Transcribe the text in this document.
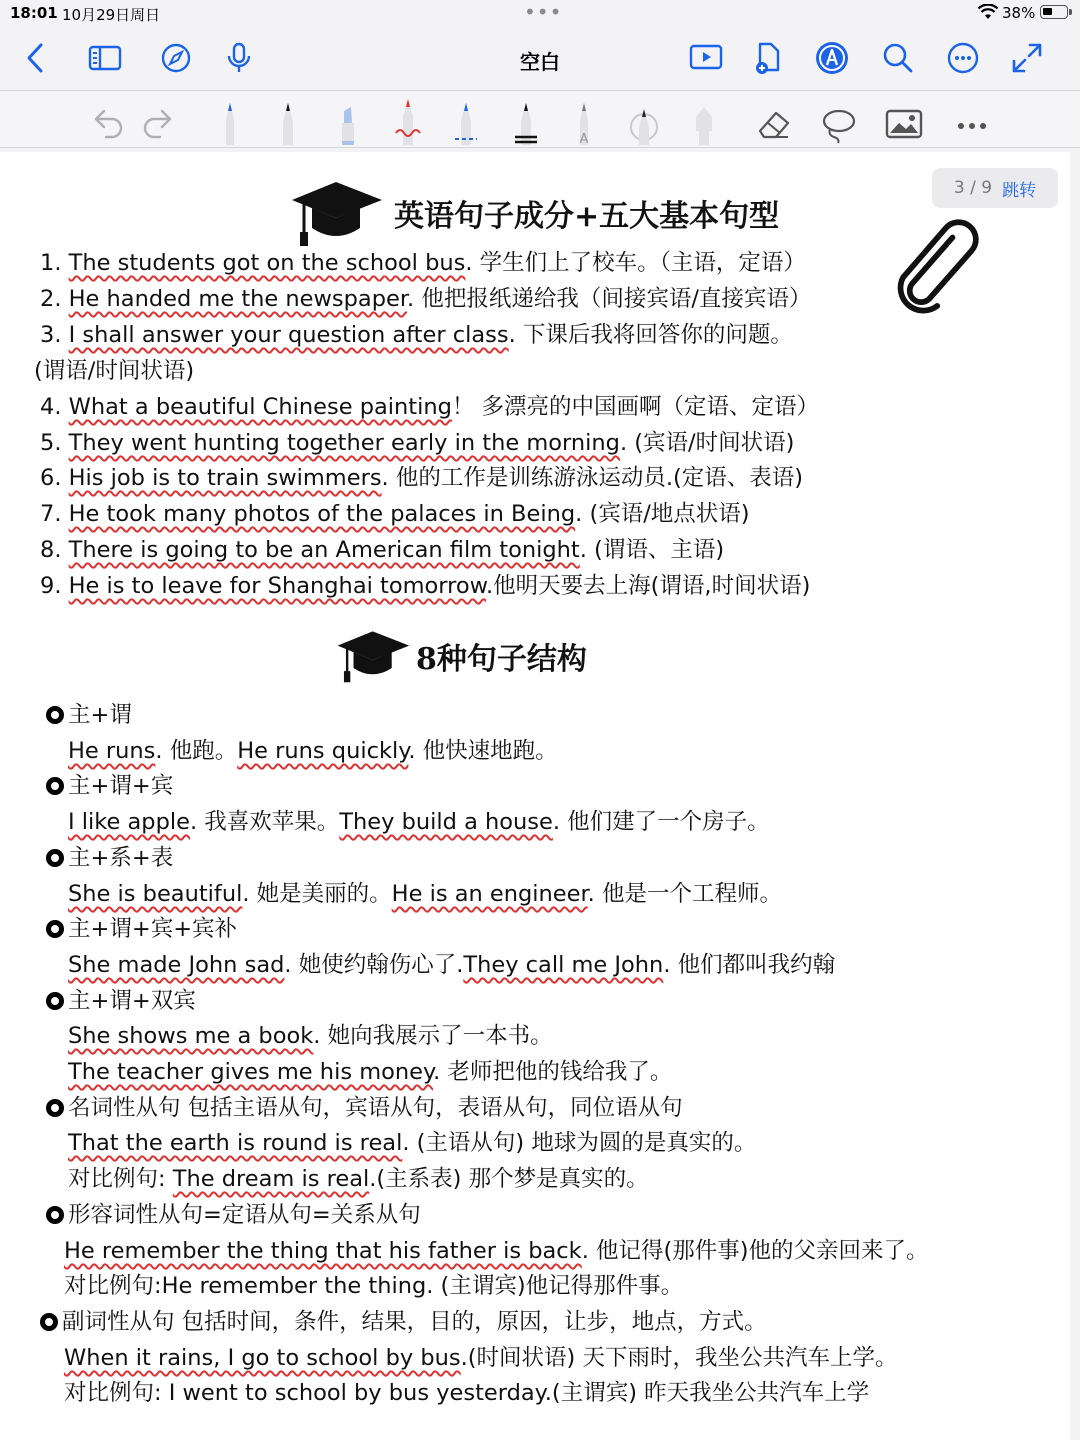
18:01 10月29日周日	•••	38%
空白
A
3 / 9 跳转
英语句子成分+五大基本句型
1. The students got on the school bus. 学生们上了校车。（主语，定语）
2. He handed me the newspaper. 他把报纸递给我（间接宾语/直接宾语）
3. I shall answer your question after class. 下课后我将回答你的问题。
(谓语/时间状语)
4. What a beautiful Chinese painting！ 多漂亮的中国画啊（定语、定语）
5. They went hunting together early in the morning. (宾语/时间状语)
6. His job is to train swimmers. 他的工作是训练游泳运动员.(定语、表语)
7. He took many photos of the palaces in Being. (宾语/地点状语)
8. There is going to be an American film tonight. (谓语、主语)
9. He is to leave for Shanghai tomorrow.他明天要去上海(谓语,时间状语)
8种句子结构
主+谓
He runs. 他跑。He runs quickly. 他快速地跑。
主+谓+宾
I like apple. 我喜欢苹果。They build a house. 他们建了一个房子。
主+系+表
She is beautiful. 她是美丽的。He is an engineer. 他是一个工程师。
主+谓+宾+宾补
She made John sad. 她使约翰伤心了.They call me John. 他们都叫我约翰
主+谓+双宾
She shows me a book. 她向我展示了一本书。
The teacher gives me his money. 老师把他的钱给我了。
名词性从句 包括主语从句，宾语从句，表语从句，同位语从句
That the earth is round is real. (主语从句) 地球为圆的是真实的。
对比例句: The dream is real.(主系表) 那个梦是真实的。
形容词性从句=定语从句=关系从句
He remember the thing that his father is back. 他记得(那件事)他的父亲回来了。
对比例句:He remember the thing. (主谓宾)他记得那件事。
副词性从句 包括时间，条件，结果，目的，原因，让步，地点，方式。
When it rains, I go to school by bus.(时间状语) 天下雨时，我坐公共汽车上学。
对比例句: I went to school by bus yesterday.(主谓宾) 昨天我坐公共汽车上学
